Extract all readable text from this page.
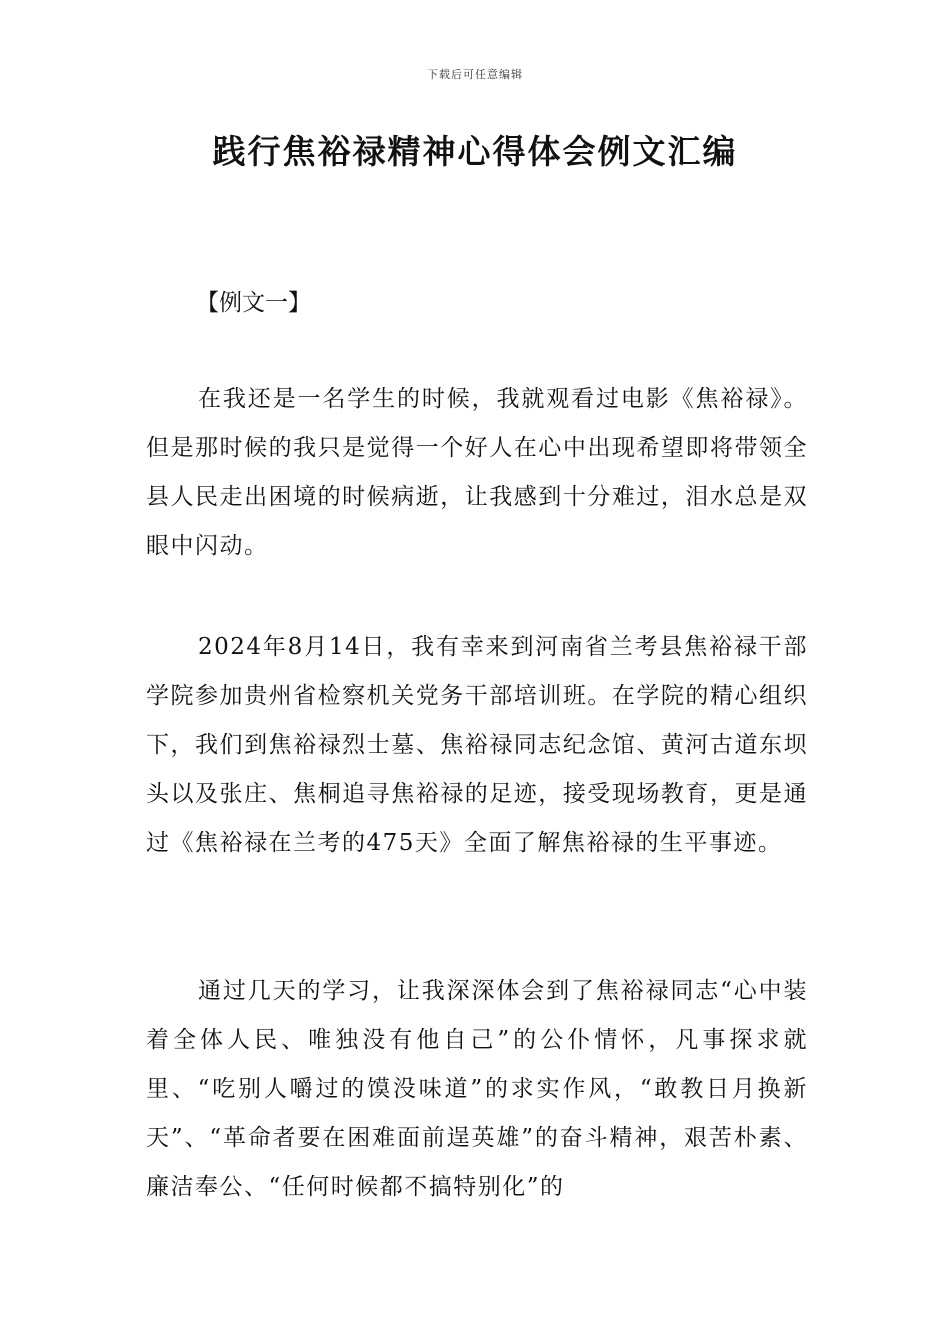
下载后可任意编辑
践行焦裕禄精神心得体会例文汇编

【例文一】

在我还是一名学生的时候，我就观看过电影《焦裕禄》。但是那时候的我只是觉得一个好人在心中出现希望即将带领全县人民走出困境的时候病逝，让我感到十分难过，泪水总是双眼中闪动。

2024年8月14日，我有幸来到河南省兰考县焦裕禄干部学院参加贵州省检察机关党务干部培训班。在学院的精心组织下，我们到焦裕禄烈士墓、焦裕禄同志纪念馆、黄河古道东坝头以及张庄、焦桐追寻焦裕禄的足迹，接受现场教育，更是通过《焦裕禄在兰考的475天》全面了解焦裕禄的生平事迹。

通过几天的学习，让我深深体会到了焦裕禄同志“心中装着全体人民、唯独没有他自己”的公仆情怀，凡事探求就里、“吃别人嚼过的馍没味道”的求实作风，“敢教日月换新天”、“革命者要在困难面前逞英雄”的奋斗精神，艰苦朴素、廉洁奉公、“任何时候都不搞特别化”的
